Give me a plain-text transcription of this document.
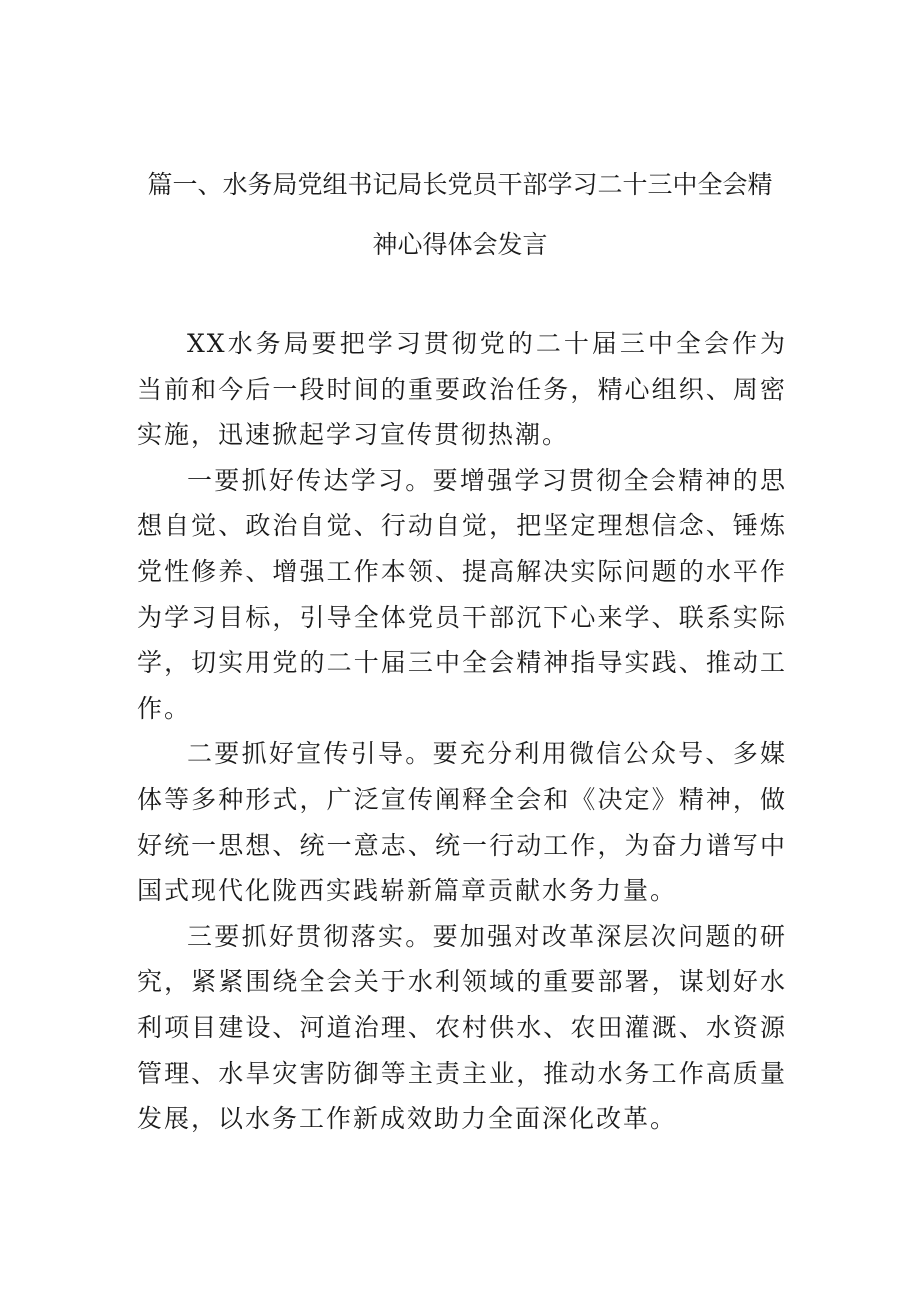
篇一、水务局党组书记局长党员干部学习二十三中全会精
神心得体会发言

XX水务局要把学习贯彻党的二十届三中全会作为当前和今后一段时间的重要政治任务，精心组织、周密实施，迅速掀起学习宣传贯彻热潮。

一要抓好传达学习。要增强学习贯彻全会精神的思想自觉、政治自觉、行动自觉，把坚定理想信念、锤炼党性修养、增强工作本领、提高解决实际问题的水平作为学习目标，引导全体党员干部沉下心来学、联系实际学，切实用党的二十届三中全会精神指导实践、推动工作。

二要抓好宣传引导。要充分利用微信公众号、多媒体等多种形式，广泛宣传阐释全会和《决定》精神，做好统一思想、统一意志、统一行动工作，为奋力谱写中国式现代化陇西实践崭新篇章贡献水务力量。

三要抓好贯彻落实。要加强对改革深层次问题的研究，紧紧围绕全会关于水利领域的重要部署，谋划好水利项目建设、河道治理、农村供水、农田灌溉、水资源管理、水旱灾害防御等主责主业，推动水务工作高质量发展，以水务工作新成效助力全面深化改革。
